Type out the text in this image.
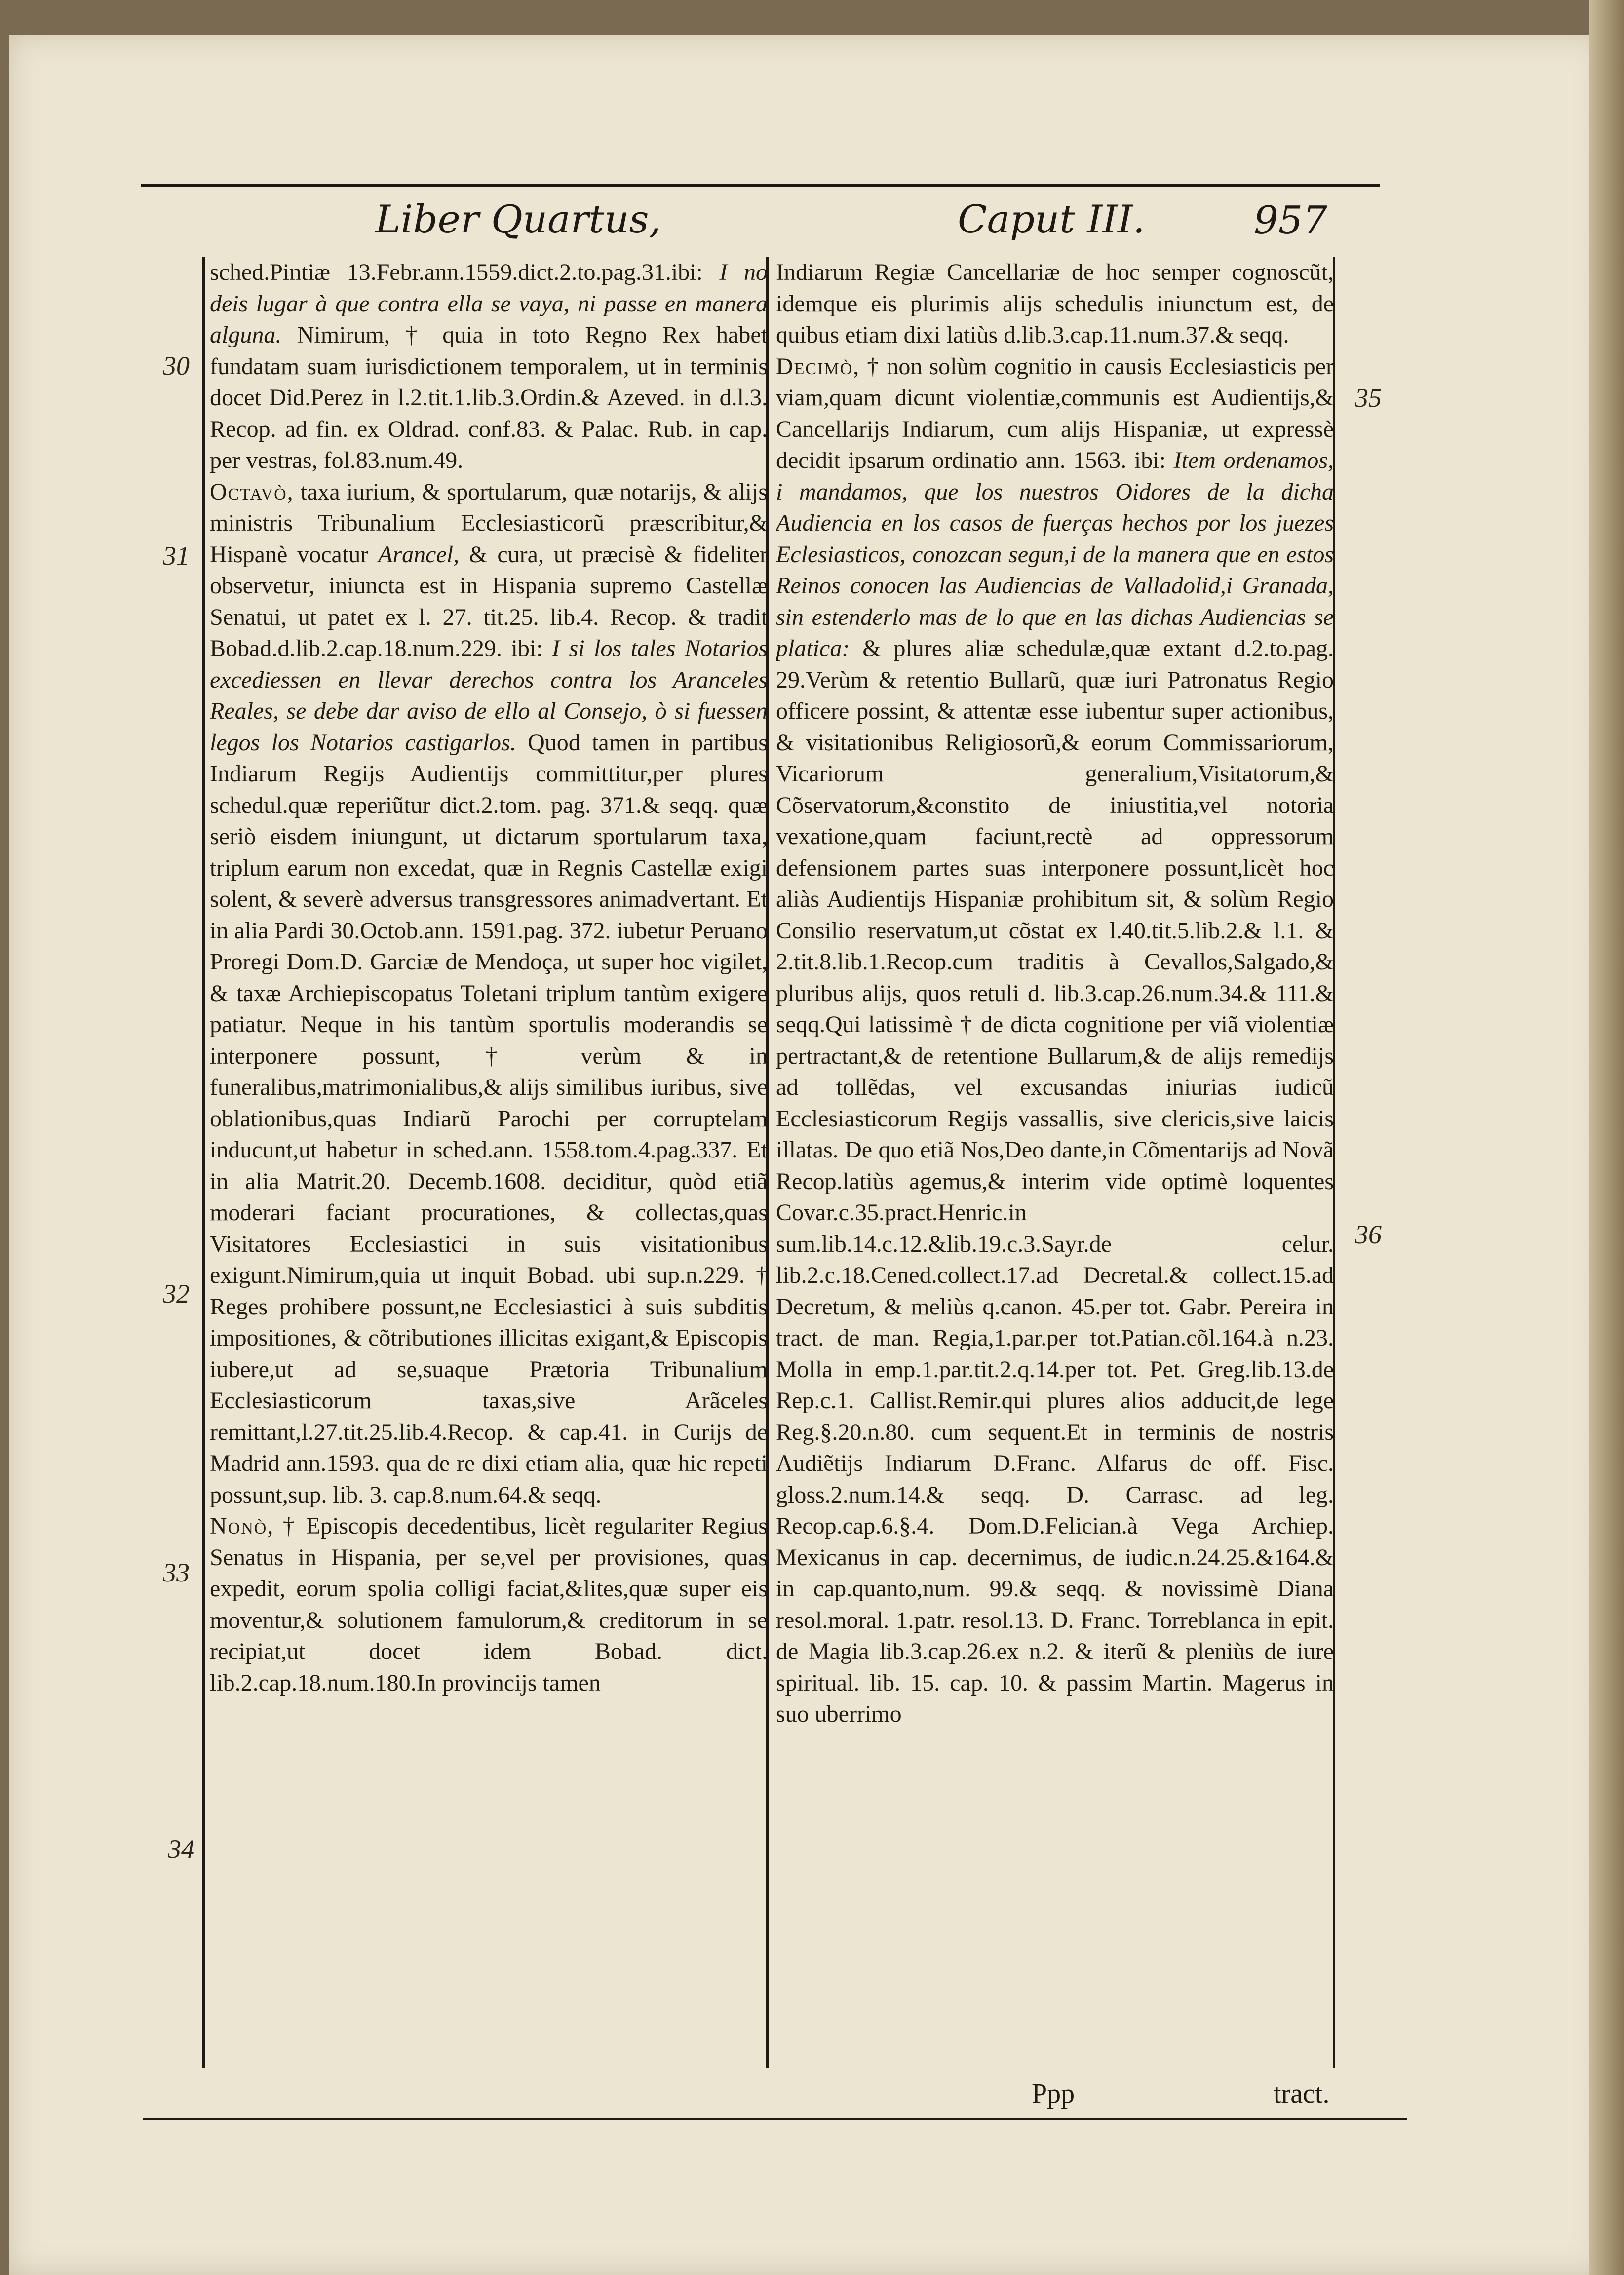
Liber Quartus,	Caput III.	957
30
31
32
33
34
35
36

sched.Pintiæ 13.Febr.ann.1559.dict.2.to.pag.31.ibi: I no deis lugar à que contra ella se vaya, ni passe en manera alguna. Nimirum, † quia in toto Regno Rex habet fundatam suam iurisdictionem temporalem, ut in terminis docet Did.Perez in l.2.tit.1.lib.3.Ordin.& Azeved. in d.l.3. Recop. ad fin. ex Oldrad. conf.83. & Palac. Rub. in cap. per vestras, fol.83.num.49.
Octavò, taxa iurium, & sportularum, quæ notarijs, & alijs ministris Tribunalium Ecclesiasticorũ præscribitur,& Hispanè vocatur Arancel, & cura, ut præcisè & fideliter observetur, iniuncta est in Hispania supremo Castellæ Senatui, ut patet ex l. 27. tit.25. lib.4. Recop. & tradit Bobad.d.lib.2.cap.18.num.229. ibi: I si los tales Notarios excediessen en llevar derechos contra los Aranceles Reales, se debe dar aviso de ello al Consejo, ò si fuessen legos los Notarios castigarlos. Quod tamen in partibus Indiarum Regijs Audientijs committitur,per plures schedul.quæ reperiũtur dict.2.tom. pag. 371.& seqq. quæ seriò eisdem iniungunt, ut dictarum sportularum taxa, triplum earum non excedat, quæ in Regnis Castellæ exigi solent, & severè adversus transgressores animadvertant. Et in alia Pardi 30.Octob.ann. 1591.pag. 372. iubetur Peruano Proregi Dom.D. Garciæ de Mendoça, ut super hoc vigilet, & taxæ Archiepiscopatus Toletani triplum tantùm exigere patiatur. Neque in his tantùm sportulis moderandis se interponere possunt, † verùm & in funeralibus,matrimonialibus,& alijs similibus iuribus, sive oblationibus,quas Indiarũ Parochi per corruptelam inducunt,ut habetur in sched.ann. 1558.tom.4.pag.337. Et in alia Matrit.20. Decemb.1608. deciditur, quòd etiã moderari faciant procurationes, & collectas,quas Visitatores Ecclesiastici in suis visitationibus exigunt.Nimirum,quia ut inquit Bobad. ubi sup.n.229. † Reges prohibere possunt,ne Ecclesiastici à suis subditis impositiones, & cõtributiones illicitas exigant,& Episcopis iubere,ut ad se,suaque Prætoria Tribunalium Ecclesiasticorum taxas,sive Arãceles remittant,l.27.tit.25.lib.4.Recop. & cap.41. in Curijs de Madrid ann.1593. qua de re dixi etiam alia, quæ hic repeti possunt,sup. lib. 3. cap.8.num.64.& seqq.
Nonò, † Episcopis decedentibus, licèt regulariter Regius Senatus in Hispania, per se,vel per provisiones, quas expedit, eorum spolia colligi faciat,&lites,quæ super eis moventur,& solutionem famulorum,& creditorum in se recipiat,ut docet idem Bobad. dict. lib.2.cap.18.num.180.In provincijs tamen

Indiarum Regiæ Cancellariæ de hoc semper cognoscũt, idemque eis plurimis alijs schedulis iniunctum est, de quibus etiam dixi latiùs d.lib.3.cap.11.num.37.& seqq.
Decimò, † non solùm cognitio in causis Ecclesiasticis per viam,quam dicunt violentiæ,communis est Audientijs,& Cancellarijs Indiarum, cum alijs Hispaniæ, ut expressè decidit ipsarum ordinatio ann. 1563. ibi: Item ordenamos, i mandamos, que los nuestros Oidores de la dicha Audiencia en los casos de fuerças hechos por los juezes Eclesiasticos, conozcan segun,i de la manera que en estos Reinos conocen las Audiencias de Valladolid,i Granada, sin estenderlo mas de lo que en las dichas Audiencias se platica: & plures aliæ schedulæ,quæ extant d.2.to.pag. 29.Verùm & retentio Bullarũ, quæ iuri Patronatus Regio officere possint, & attentæ esse iubentur super actionibus, & visitationibus Religiosorũ,& eorum Commissariorum, Vicariorum generalium,Visitatorum,& Cõservatorum,&constito de iniustitia,vel notoria vexatione,quam faciunt,rectè ad oppressorum defensionem partes suas interponere possunt,licèt hoc aliàs Audientijs Hispaniæ prohibitum sit, & solùm Regio Consilio reservatum,ut cõstat ex l.40.tit.5.lib.2.& l.1. & 2.tit.8.lib.1.Recop.cum traditis à Cevallos,Salgado,& pluribus alijs, quos retuli d. lib.3.cap.26.num.34.& 111.& seqq.Qui latissimè † de dicta cognitione per viã violentiæ pertractant,& de retentione Bullarum,& de alijs remedijs ad tollẽdas, vel excusandas iniurias iudicũ Ecclesiasticorum Regijs vassallis, sive clericis,sive laicis illatas. De quo etiã Nos,Deo dante,in Cõmentarijs ad Novã Recop.latiùs agemus,& interim vide optimè loquentes Covar.c.35.pract.Henric.in sum.lib.14.c.12.&lib.19.c.3.Sayr.de celur. lib.2.c.18.Cened.collect.17.ad Decretal.& collect.15.ad Decretum, & meliùs q.canon. 45.per tot. Gabr. Pereira in tract. de man. Regia,1.par.per tot.Patian.cõl.164.à n.23. Molla in emp.1.par.tit.2.q.14.per tot. Pet. Greg.lib.13.de Rep.c.1. Callist.Remir.qui plures alios adducit,de lege Reg.§.20.n.80. cum sequent.Et in terminis de nostris Audiẽtijs Indiarum D.Franc. Alfarus de off. Fisc. gloss.2.num.14.& seqq. D. Carrasc. ad leg. Recop.cap.6.§.4. Dom.D.Felician.à Vega Archiep. Mexicanus in cap. decernimus, de iudic.n.24.25.&164.& in cap.quanto,num. 99.& seqq. & novissimè Diana resol.moral. 1.patr. resol.13. D. Franc. Torreblanca in epit. de Magia lib.3.cap.26.ex n.2. & iterũ & pleniùs de iure spiritual. lib. 15. cap. 10. & passim Martin. Magerus in suo uberrimo

Ppp	tract.
